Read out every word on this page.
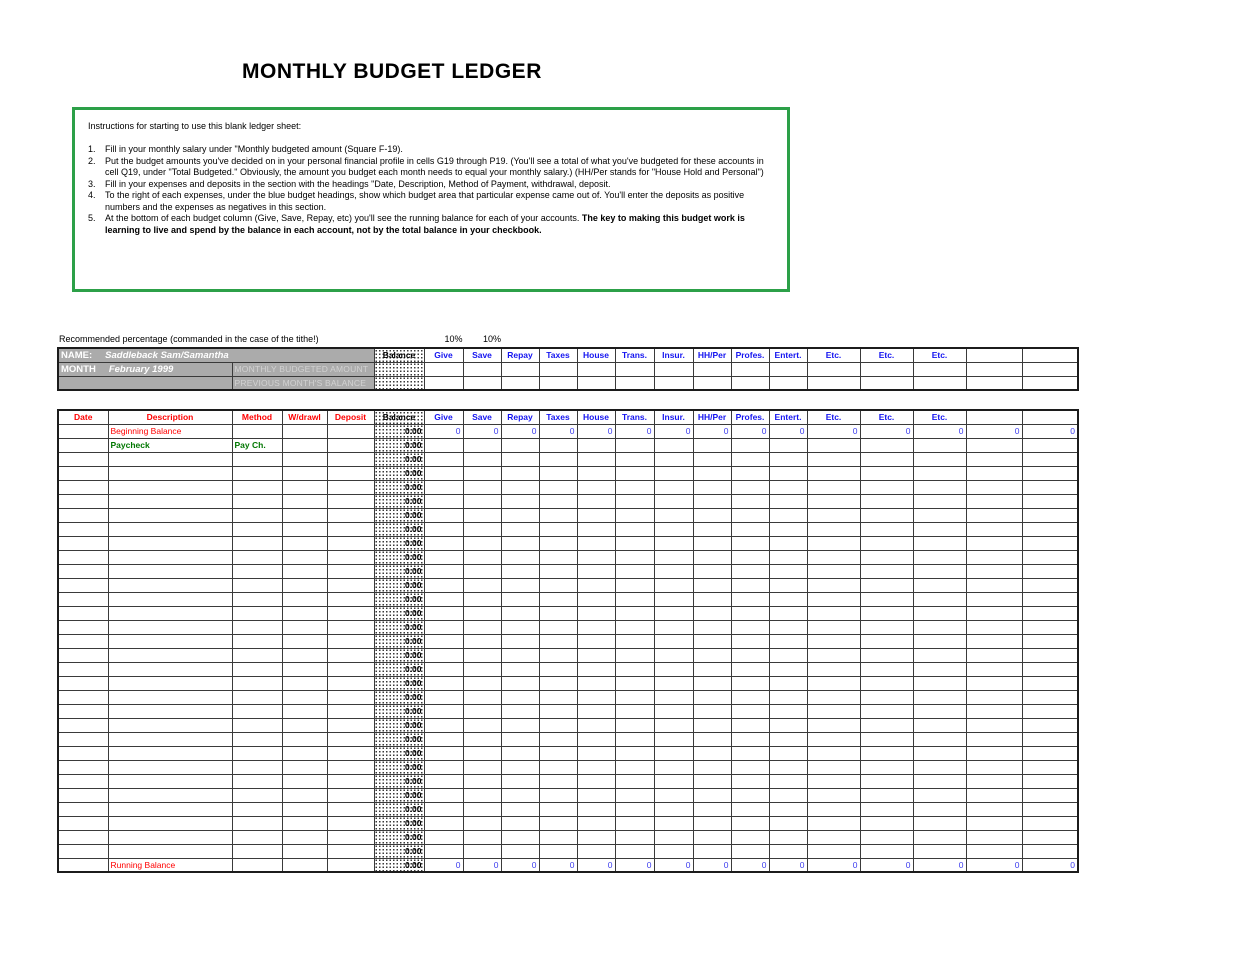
MONTHLY BUDGET LEDGER
Instructions for starting to use this blank ledger sheet:
1.	Fill in your monthly salary under "Monthly budgeted amount (Square F-19).
2.	Put the budget amounts you've decided on in your personal financial profile in cells G19 through P19. (You'll see a total of what you've budgeted for these accounts in cell Q19, under "Total Budgeted." Obviously, the amount you budget each month needs to equal your monthly salary.) (HH/Per stands for "House Hold and Personal")
3.	Fill in your expenses and deposits in the section with the headings "Date, Description, Method of Payment, withdrawal, deposit.
4.	To the right of each expenses, under the blue budget headings, show which budget area that particular expense came out of. You'll enter the deposits as positive numbers and the expenses as negatives in this section.
5.	At the bottom of each budget column (Give, Save, Repay, etc) you'll see the running balance for each of your accounts. The key to making this budget work is learning to live and spend by the balance in each account, not by the total balance in your checkbook.
Recommended percentage (commanded in the case of the tithe!)	10%	10%
NAME: Saddleback Sam/Samantha		Balance	Give	Save	Repay	Taxes	House	Trans.	Insur.	HH/Per	Profes.	Entert.	Etc.	Etc.	Etc.		
MONTH February 1999	MONTHLY BUDGETED AMOUNT																
	PREVIOUS MONTH'S BALANCE																
Date	Description	Method	W/drawl	Deposit	Balance	Give	Save	Repay	Taxes	House	Trans.	Insur.	HH/Per	Profes.	Entert.	Etc.	Etc.	Etc.		
	Beginning Balance				0.00	0	0	0	0	0	0	0	0	0	0	0	0	0	0	0
	Paycheck	Pay Ch.			0.00															
					0.00															
					0.00															
					0.00															
					0.00															
					0.00															
					0.00															
					0.00															
					0.00															
					0.00															
					0.00															
					0.00															
					0.00															
					0.00															
					0.00															
					0.00															
					0.00															
					0.00															
					0.00															
					0.00															
					0.00															
					0.00															
					0.00															
					0.00															
					0.00															
					0.00															
					0.00															
					0.00															
					0.00															
					0.00															
	Running Balance				0.00	0	0	0	0	0	0	0	0	0	0	0	0	0	0	0
